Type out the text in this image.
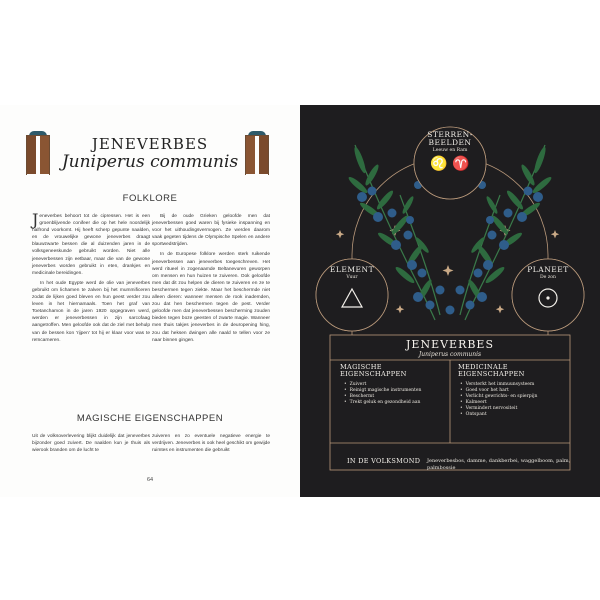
JENEVERBES
Juniperus communis
FOLKLORE

Jeneverbes behoort tot de cipressen. Het is een groenblijvende conifeer die op het hele noordelijk halfrond voorkomt. Hij heeft scherp gepunte naalden, en de vrouwelijke gewone jeneverbes draagt blauwzwarte bessen die al duizenden jaren in de volksgeneeskunde gebruikt worden. Niet alle jeneverbessen zijn eetbaar, maar die van de gewone jeneverbes worden gebruikt in eten, drankjes en medicinale bereidingen.

In het oude Egypte werd de olie van jeneverbes gebruikt om lichamen te zalven bij het mummificeren zodat de lijken goed bleven en hun geest verder zou leven in het hiernamaals. Toen het graf van Toetanchamon in de jaren 1920 opgegraven werd, werden er jeneverbessen in zijn sarcofaag aangetroffen. Men geloofde ook dat de ziel met behulp van de bessen kon 'rijpen' tot hij er klaar voor was te reïncarneren.

Bij de oude Grieken geloofde men dat jeneverbessen goed waren bij fysieke inspanning en voor het uithoudingsvermogen. Ze werden daarom vaak gegeten tijdens de Olympische Spelen en andere sportwedstrijden.

In de Europese folklore werden sterk ruikende jeneverbessen aan jeneverbes toegeschreven. Het werd ritueel in zogenaamde Beltanevuren geworpen om mensen en hun huizen te zuiveren. Ook geloofde men dat dit zou helpen de dieren te zuiveren en ze te beschermen tegen ziekte. Maar het beschermde niet alleen dieren: wanneer mensen de rook inademden, zou dat hen beschermen tegen de pest. Verder geloofde men dat jeneverbessen bescherming zouden bieden tegen boze geesten of zwarte magie. Wanneer men thuis takjes jeneverbes in de deuropening hing, zou dat heksen dwingen alle naald te tellen voor ze naar binnen gingen.

MAGISCHE EIGENSCHAPPEN

Uit de volksoverlevering blijkt duidelijk dat jeneverbes bijzonder goed zuivert. De naalden kun je thuis als wierook branden om de lucht te

zuiveren en zo eventuele negatieve energie te verdrijven. Jeneverbes is ook heel geschikt om gewijde ruimtes en instrumenten die gebruikt

64
STERREN-
BEELDEN
Leeuw en Ram
♌ ♈
ELEMENT
Vuur
PLANEET
De zon
JENEVERBES
Juniperus communis
MAGISCHE
EIGENSCHAPPEN
• Zuivert
• Reinigt magische instrumenten
• Beschermt
• Trekt geluk en gezondheid aan
MEDICINALE
EIGENSCHAPPEN
• Versterkt het immuunsysteem
• Goed voor het hart
• Verlicht gewrichts- en spierpijn
• Kalmeert
• Vermindert nervositeit
• Ontspant
IN DE VOLKSMOND Jeneverbesbos, damme, dankberbei, waggelboom, palm, palmbossie
